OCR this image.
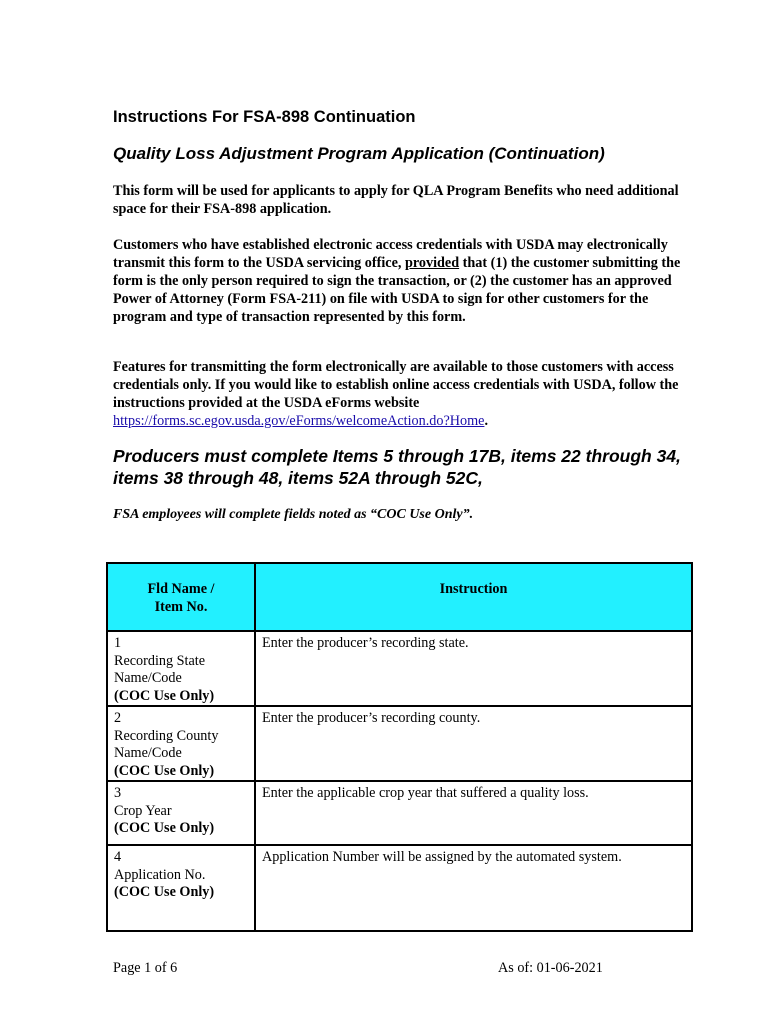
Instructions For FSA-898 Continuation
Quality Loss Adjustment Program Application (Continuation)
This form will be used for applicants to apply for QLA Program Benefits who need additional space for their FSA-898 application.
Customers who have established electronic access credentials with USDA may electronically transmit this form to the USDA servicing office, provided that (1) the customer submitting the form is the only person required to sign the transaction, or (2) the customer has an approved Power of Attorney (Form FSA-211) on file with USDA to sign for other customers for the program and type of transaction represented by this form.
Features for transmitting the form electronically are available to those customers with access credentials only. If you would like to establish online access credentials with USDA, follow the instructions provided at the USDA eForms website https://forms.sc.egov.usda.gov/eForms/welcomeAction.do?Home.
Producers must complete Items 5 through 17B, items 22 through 34, items 38 through 48, items 52A through 52C,
FSA employees will complete fields noted as “COC Use Only”.
Fld Name /
Item No.	Instruction

1
Recording State
Name/Code
(COC Use Only)	Enter the producer’s recording state.

2
Recording County
Name/Code
(COC Use Only)	Enter the producer’s recording county.

3
Crop Year
(COC Use Only)	Enter the applicable crop year that suffered a quality loss.

4
Application No.
(COC Use Only)	Application Number will be assigned by the automated system.
Page 1 of 6	As of: 01-06-2021
